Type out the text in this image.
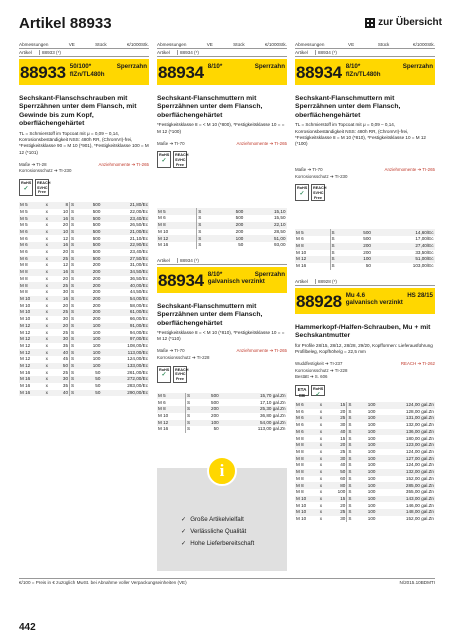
Artikel 88933	zur Übersicht
Abmessungen	VE	Stück	€/1000Stk.
Artikel	88933 (*)
88933 50/100*
flZn/TL480h
Sperrzahn
Sechskant-Flanschschrauben mit Sperrzähnen unter dem Flansch, mit Gewinde bis zum Kopf, oberflächengehärtet
TL = Schmierstoff im Topcoat mit μ = 0,09 – 0,14, Korrosionsbeständigkeit NSS: 480h RR, (ChromVI)-frei, *Festigkeitsklasse 90 = M 10 (*901), *Festigkeitsklasse 100 = M 12 (*101)
Maße ➔ TI-28	Anziehmomente ➔ TI-265
Korrosionsschutz ➔ TI-230
RoHS
✓
REACH SVHC Free
M 5	x	8	S	500	21,80/Ec
M 5	x	10	S	500	22,00/Ec
M 5	x	16	S	500	23,40/Ec
M 5	x	20	S	500	26,50/Ec
M 6	x	10	S	500	21,00/Ec
M 6	x	12	S	500	21,10/Ec
M 6	x	16	S	500	22,90/Ec
M 6	x	20	S	500	23,40/Ec
M 6	x	25	S	500	27,50/Ec
M 8	x	12	S	200	31,00/Ec
M 8	x	16	S	200	34,50/Ec
M 8	x	20	S	200	36,50/Ec
M 8	x	25	S	200	40,00/Ec
M 8	x	30	S	200	44,50/Ec
M 10	x	16	S	200	54,00/Ec
M 10	x	20	S	200	58,00/Ec
M 10	x	25	S	200	61,00/Ec
M 10	x	30	S	200	66,00/Ec
M 12	x	20	S	100	91,00/Ec
M 12	x	25	S	100	94,00/Ec
M 12	x	30	S	100	97,00/Ec
M 12	x	35	S	100	108,00/Ec
M 12	x	40	S	100	113,00/Ec
M 12	x	45	S	100	124,00/Ec
M 12	x	50	S	100	133,00/Ec
M 16	x	25	S	50	261,00/Ec
M 16	x	30	S	50	272,00/Ec
M 16	x	35	S	50	283,00/Ec
M 16	x	40	S	50	290,00/Ec
Abmessungen	VE	Stück	€/1000Stk.
Artikel	88934 (*)
88934 8/10*	Sperrzahn
Sechskant-Flanschmuttern mit Sperrzähnen unter dem Flansch, oberflächengehärtet
*Festigkeitsklasse 8 = < M 10 (*800), *Festigkeitsklasse 10 = = M 12 (*100)
Maße ➔ TI-70	Anziehmomente ➔ TI-265
RoHS
✓
REACH SVHC Free
M 5	S	500	15,10
M 6	S	500	15,50
M 8	S	200	22,10
M 10	S	200	28,50
M 12	S	100	51,00
M 16	S	50	93,00
Artikel	88934 (*)
88934 8/10*
galvanisch verzinkt
Sperrzahn
Sechskant-Flanschmuttern mit Sperrzähnen unter dem Flansch, oberflächengehärtet
*Festigkeitsklasse 8 = < M 10 (*810), *Festigkeitsklasse 10 = = M 12 (*110)
Maße ➔ TI-70	Anziehmomente ➔ TI-265
Korrosionsschutz ➔ TI-228
RoHS
✓
REACH SVHC Free
M 5	S	500	15,70 gal.Zn
M 6	S	500	17,10 gal.Zn
M 8	S	200	25,30 gal.Zn
M 10	S	200	36,80 gal.Zn
M 12	S	100	54,00 gal.Zn
M 16	S	50	113,00 gal.Zn
i
✓ Große Artikelvielfalt
✓ Verlässliche Qualität
✓ Hohe Lieferbereitschaft
Abmessungen	VE	Stück	€/1000Stk.
Artikel	88934 (*)
88934 8/10*
flZn/TL480h
Sperrzahn
Sechskant-Flanschmuttern mit Sperrzähnen unter dem Flansch, oberflächengehärtet
TL = Schmierstoff im Topcoat mit μ = 0,09 – 0,14, Korrosionsbeständigkeit NSS: 480h RR, (ChromVI)-frei, *Festigkeitsklasse 8 = M 10 (*810), *Festigkeitsklasse 10 = M 12 (*100)
Maße ➔ TI-70	Anziehmomente ➔ TI-265
Korrosionsschutz ➔ TI-230
RoHS
✓
REACH SVHC Free
M 5	S	500	14,60/Ec
M 6	S	500	17,00/Ec
M 8	S	200	27,40/Ec
M 10	S	200	33,50/Ec
M 12	S	100	51,00/Ec
M 16	S	50	103,00/Ec
Artikel	88928 (*)
88928 Mu 4.6
galvanisch verzinkt
HS 28/15
Hammerkopf-/Halfen-Schrauben, Mu + mit Sechskantmutter
für Profile 28/15, 28/12, 28/28, 29/20, Kopfformen: Lieferausführung Profilbeleg, Kopfhöhe/g = 22,5 mm
Wuddfestigkeit ➔ TI-237	REACH ➔ TI-262
Korrosionsschutz ➔ TI-228
Bestätt ➔ S. 606
ETA CE
RoHS
✓
M 6	x	15	S	100	124,00 gal.Zn
M 6	x	20	S	100	128,00 gal.Zn
M 6	x	25	S	100	131,00 gal.Zn
M 6	x	30	S	100	132,00 gal.Zn
M 6	x	40	S	100	136,00 gal.Zn
M 8	x	15	S	100	180,00 gal.Zn
M 8	x	20	S	100	123,00 gal.Zn
M 8	x	25	S	100	124,00 gal.Zn
M 8	x	30	S	100	127,00 gal.Zn
M 8	x	40	S	100	124,00 gal.Zn
M 8	x	50	S	100	132,00 gal.Zn
M 8	x	60	S	100	152,00 gal.Zn
M 8	x	80	S	100	285,00 gal.Zn
M 8	x	100	S	100	355,00 gal.Zn
M 10	x	15	S	100	143,00 gal.Zn
M 10	x	20	S	100	146,00 gal.Zn
M 10	x	25	S	100	148,00 gal.Zn
M 10	x	30	S	100	152,00 gal.Zn
€/100 = Preis in € zuzüglich MwSt. bei Abnahme voller Verpackungseinheiten (VE)	N/2015.10BDMTI
442
